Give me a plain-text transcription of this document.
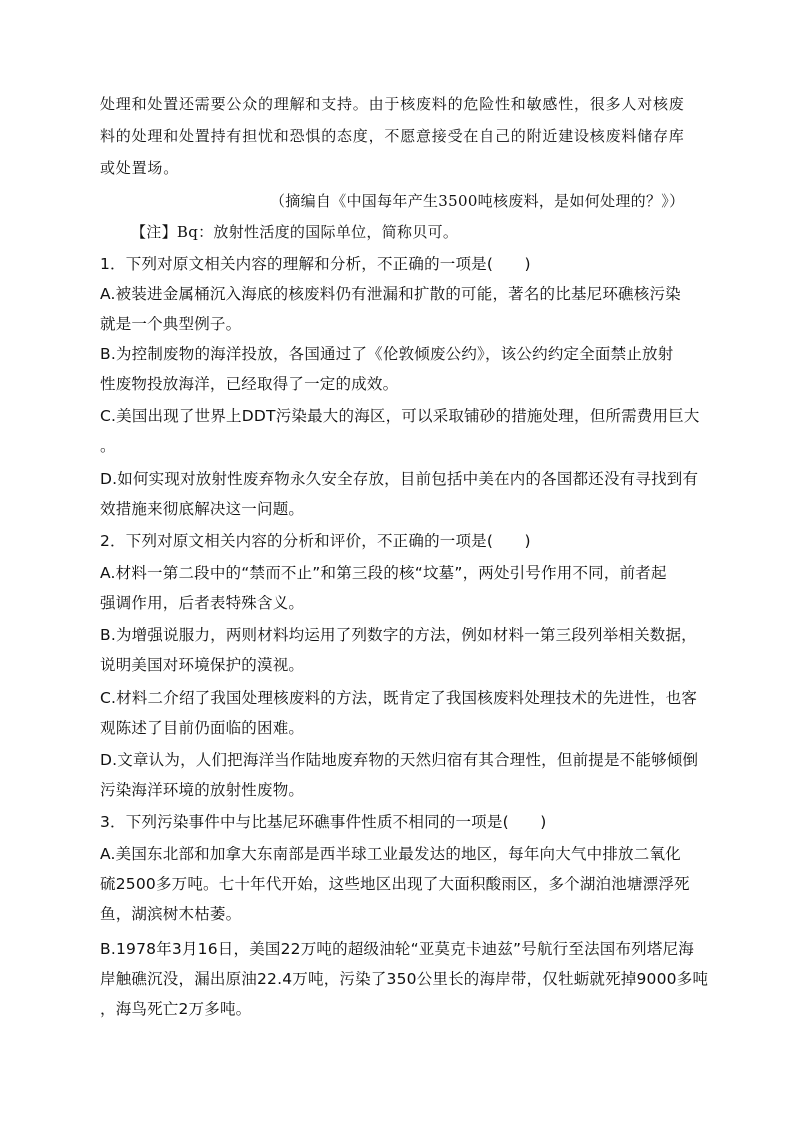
处理和处置还需要公众的理解和支持。由于核废料的危险性和敏感性，很多人对核废
料的处理和处置持有担忧和恐惧的态度，不愿意接受在自己的附近建设核废料储存库
或处置场。
（摘编自《中国每年产生3500吨核废料，是如何处理的？》）
【注】Bq：放射性活度的国际单位，简称贝可。
1．下列对原文相关内容的理解和分析，不正确的一项是(　　)
A.被装进金属桶沉入海底的核废料仍有泄漏和扩散的可能，著名的比基尼环礁核污染
就是一个典型例子。
B.为控制废物的海洋投放，各国通过了《伦敦倾废公约》，该公约约定全面禁止放射
性废物投放海洋，已经取得了一定的成效。
C.美国出现了世界上DDT污染最大的海区，可以采取铺砂的措施处理，但所需费用巨大
。
D.如何实现对放射性废弃物永久安全存放，目前包括中美在内的各国都还没有寻找到有
效措施来彻底解决这一问题。
2．下列对原文相关内容的分析和评价，不正确的一项是(　　)
A.材料一第二段中的“禁而不止”和第三段的核“坟墓”，两处引号作用不同，前者起
强调作用，后者表特殊含义。
B.为增强说服力，两则材料均运用了列数字的方法，例如材料一第三段列举相关数据，
说明美国对环境保护的漠视。
C.材料二介绍了我国处理核废料的方法，既肯定了我国核废料处理技术的先进性，也客
观陈述了目前仍面临的困难。
D.文章认为，人们把海洋当作陆地废弃物的天然归宿有其合理性，但前提是不能够倾倒
污染海洋环境的放射性废物。
3．下列污染事件中与比基尼环礁事件性质不相同的一项是(　　)
A.美国东北部和加拿大东南部是西半球工业最发达的地区，每年向大气中排放二氧化
硫2500多万吨。七十年代开始，这些地区出现了大面积酸雨区，多个湖泊池塘漂浮死
鱼，湖滨树木枯萎。
B.1978年3月16日，美国22万吨的超级油轮“亚莫克卡迪兹”号航行至法国布列塔尼海
岸触礁沉没，漏出原油22.4万吨，污染了350公里长的海岸带，仅牡蛎就死掉9000多吨
，海鸟死亡2万多吨。
